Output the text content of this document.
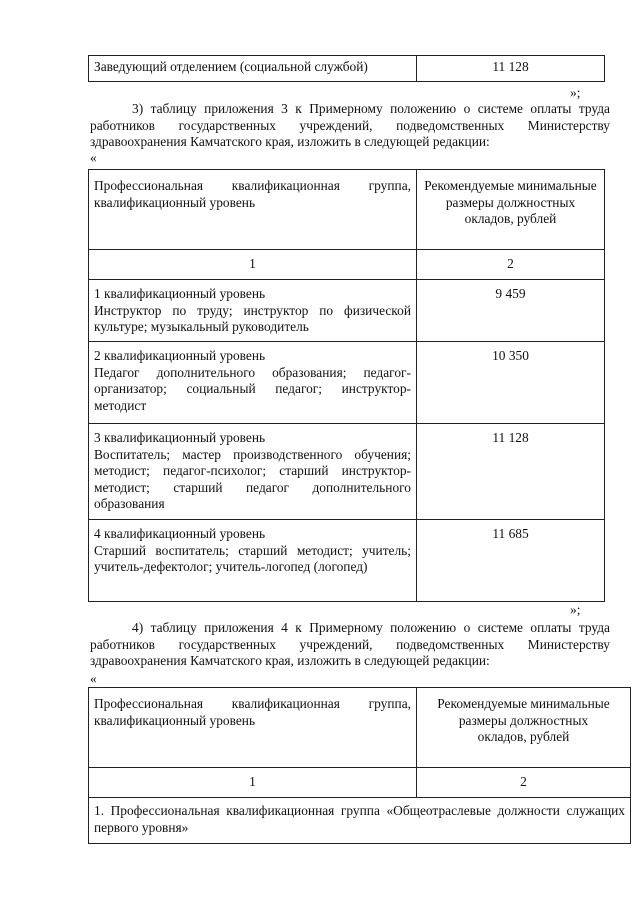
Заведующий отделением (социальной службой)	11 128
»;
3) таблицу приложения 3 к Примерному положению о системе оплаты труда работников государственных учреждений, подведомственных Министерству здравоохранения Камчатского края, изложить в следующей редакции:
«
Профессиональная квалификационная группа, квалификационный уровень	Рекомендуемые минимальные размеры должностных окладов, рублей
1	2

1 квалификационный уровень
Инструктор по труду; инструктор по физической культуре; музыкальный руководитель	9 459

2 квалификационный уровень
Педагог дополнительного образования; педагог-организатор; социальный педагог; инструктор-методист	10 350

3 квалификационный уровень
Воспитатель; мастер производственного обучения; методист; педагог-психолог; старший инструктор-методист; старший педагог дополнительного образования	11 128

4 квалификационный уровень
Старший воспитатель; старший методист; учитель; учитель-дефектолог; учитель-логопед (логопед)	11 685
»;
4) таблицу приложения 4 к Примерному положению о системе оплаты труда работников государственных учреждений, подведомственных Министерству здравоохранения Камчатского края, изложить в следующей редакции:
«
Профессиональная квалификационная группа, квалификационный уровень	Рекомендуемые минимальные размеры должностных окладов, рублей
1	2
1. Профессиональная квалификационная группа «Общеотраслевые должности служащих первого уровня»	
